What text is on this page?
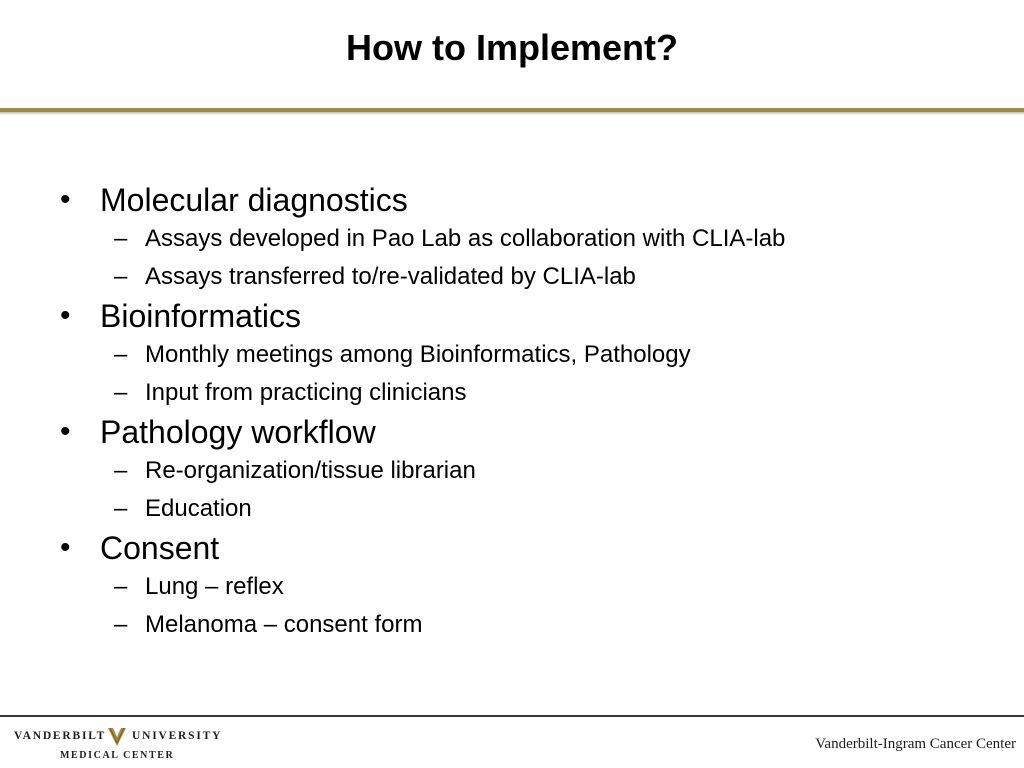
How to Implement?
• Molecular diagnostics
– Assays developed in Pao Lab as collaboration with CLIA-lab
– Assays transferred to/re-validated by CLIA-lab
• Bioinformatics
– Monthly meetings among Bioinformatics, Pathology
– Input from practicing clinicians
• Pathology workflow
– Re-organization/tissue librarian
– Education
• Consent
– Lung – reflex
– Melanoma – consent form
VANDERBILT UNIVERSITY
MEDICAL CENTER
Vanderbilt-Ingram Cancer Center
